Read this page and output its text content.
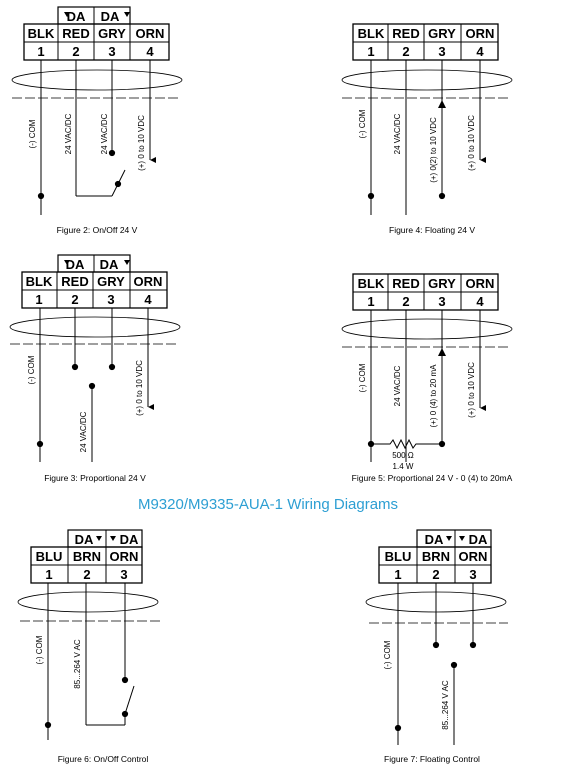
DA DA
BLK RED GRY ORN
1 2 3 4
(-) COM	24 VAC/DC	24 VAC/DC	(+) 0 to 10 VDC
Figure 2: On/Off 24 V
BLK RED GRY ORN
1 2 3 4
(-) COM	24 VAC/DC	(+) 0(2) to 10 VDC	(+) 0 to 10 VDC
Figure 4: Floating 24 V
DA DA
BLK RED GRY ORN
1 2 3 4
(-) COM
24 VAC/DC
(+) 0 to 10 VDC
Figure 3: Proportional 24 V
BLK RED GRY ORN
1 2 3 4
(-) COM	24 VAC/DC	(+) 0 (4) to 20 mA	(+) 0 to 10 VDC
500 Ω
1.4 W
Figure 5: Proportional 24 V - 0 (4) to 20mA
M9320/M9335-AUA-1 Wiring Diagrams
DA DA
BLU BRN ORN
1 2 3
(-) COM	85...264 V AC
Figure 6: On/Off Control
DA DA
BLU BRN ORN
1 2 3
(-) COM
85...264 V AC
Figure 7: Floating Control
